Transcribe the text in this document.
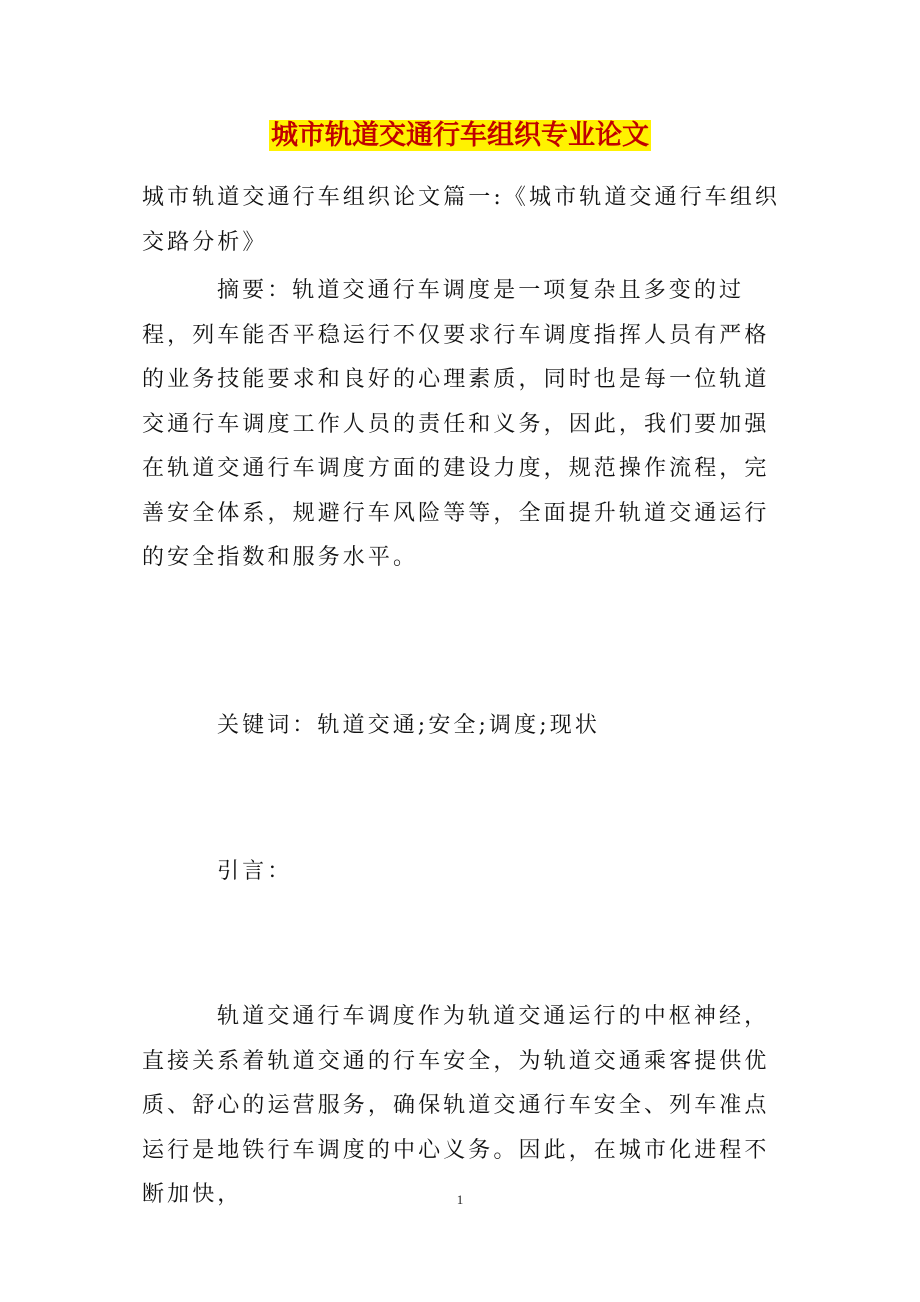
城市轨道交通行车组织专业论文
城市轨道交通行车组织论文篇一:《城市轨道交通行车组织交路分析》
摘要：轨道交通行车调度是一项复杂且多变的过程，列车能否平稳运行不仅要求行车调度指挥人员有严格的业务技能要求和良好的心理素质，同时也是每一位轨道交通行车调度工作人员的责任和义务，因此，我们要加强在轨道交通行车调度方面的建设力度，规范操作流程，完善安全体系，规避行车风险等等，全面提升轨道交通运行的安全指数和服务水平。
关键词：轨道交通;安全;调度;现状
引言：
轨道交通行车调度作为轨道交通运行的中枢神经，直接关系着轨道交通的行车安全，为轨道交通乘客提供优质、舒心的运营服务，确保轨道交通行车安全、列车准点运行是地铁行车调度的中心义务。因此，在城市化进程不断加快，	1
